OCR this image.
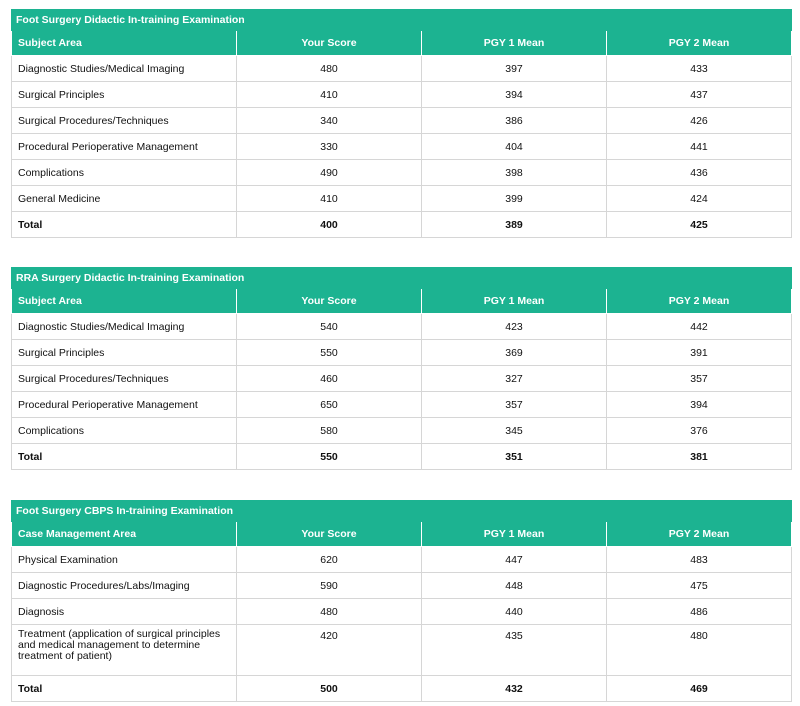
Foot Surgery Didactic In-training Examination			
Subject Area	Your Score	PGY 1 Mean	PGY 2 Mean
Diagnostic Studies/Medical Imaging	480	397	433
Surgical Principles	410	394	437
Surgical Procedures/Techniques	340	386	426
Procedural Perioperative Management	330	404	441
Complications	490	398	436
General Medicine	410	399	424
Total	400	389	425
RRA Surgery Didactic In-training Examination			
Subject Area	Your Score	PGY 1 Mean	PGY 2 Mean
Diagnostic Studies/Medical Imaging	540	423	442
Surgical Principles	550	369	391
Surgical Procedures/Techniques	460	327	357
Procedural Perioperative Management	650	357	394
Complications	580	345	376
Total	550	351	381
Foot Surgery CBPS In-training Examination			
Case Management Area	Your Score	PGY 1 Mean	PGY 2 Mean
Physical Examination	620	447	483
Diagnostic Procedures/Labs/Imaging	590	448	475
Diagnosis	480	440	486
Treatment (application of surgical principles and medical management to determine treatment of patient)	420	435	480
Total	500	432	469
